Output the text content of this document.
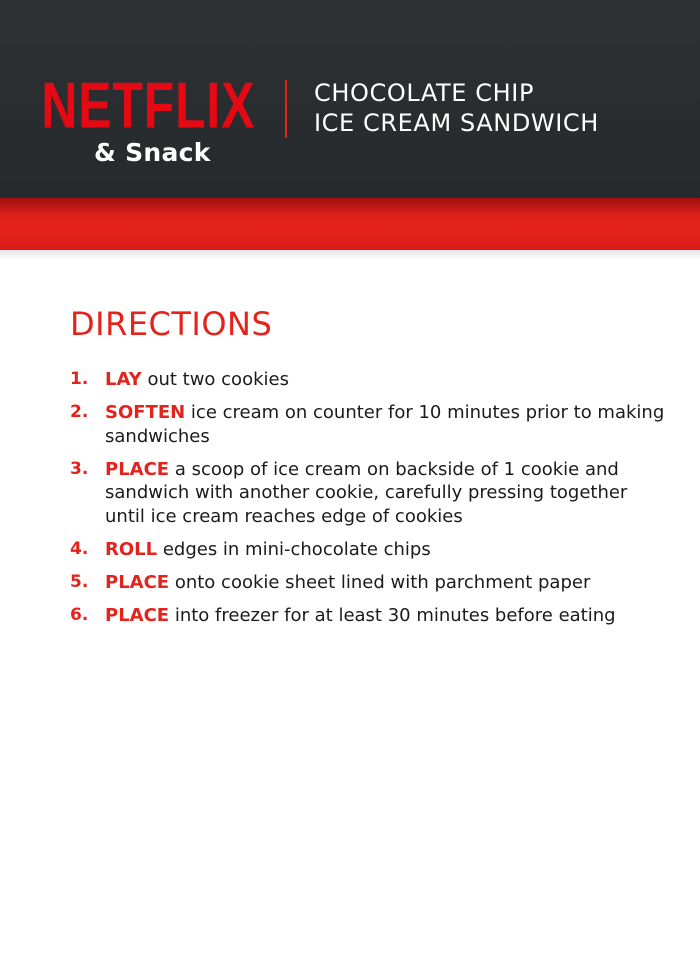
NETFLIX
& Snack
CHOCOLATE CHIP
ICE CREAM SANDWICH
DIRECTIONS
1. LAY out two cookies
2. SOFTEN ice cream on counter for 10 minutes prior to making sandwiches
3. PLACE a scoop of ice cream on backside of 1 cookie and sandwich with another cookie, carefully pressing together until ice cream reaches edge of cookies
4. ROLL edges in mini-chocolate chips
5. PLACE onto cookie sheet lined with parchment paper
6. PLACE into freezer for at least 30 minutes before eating
